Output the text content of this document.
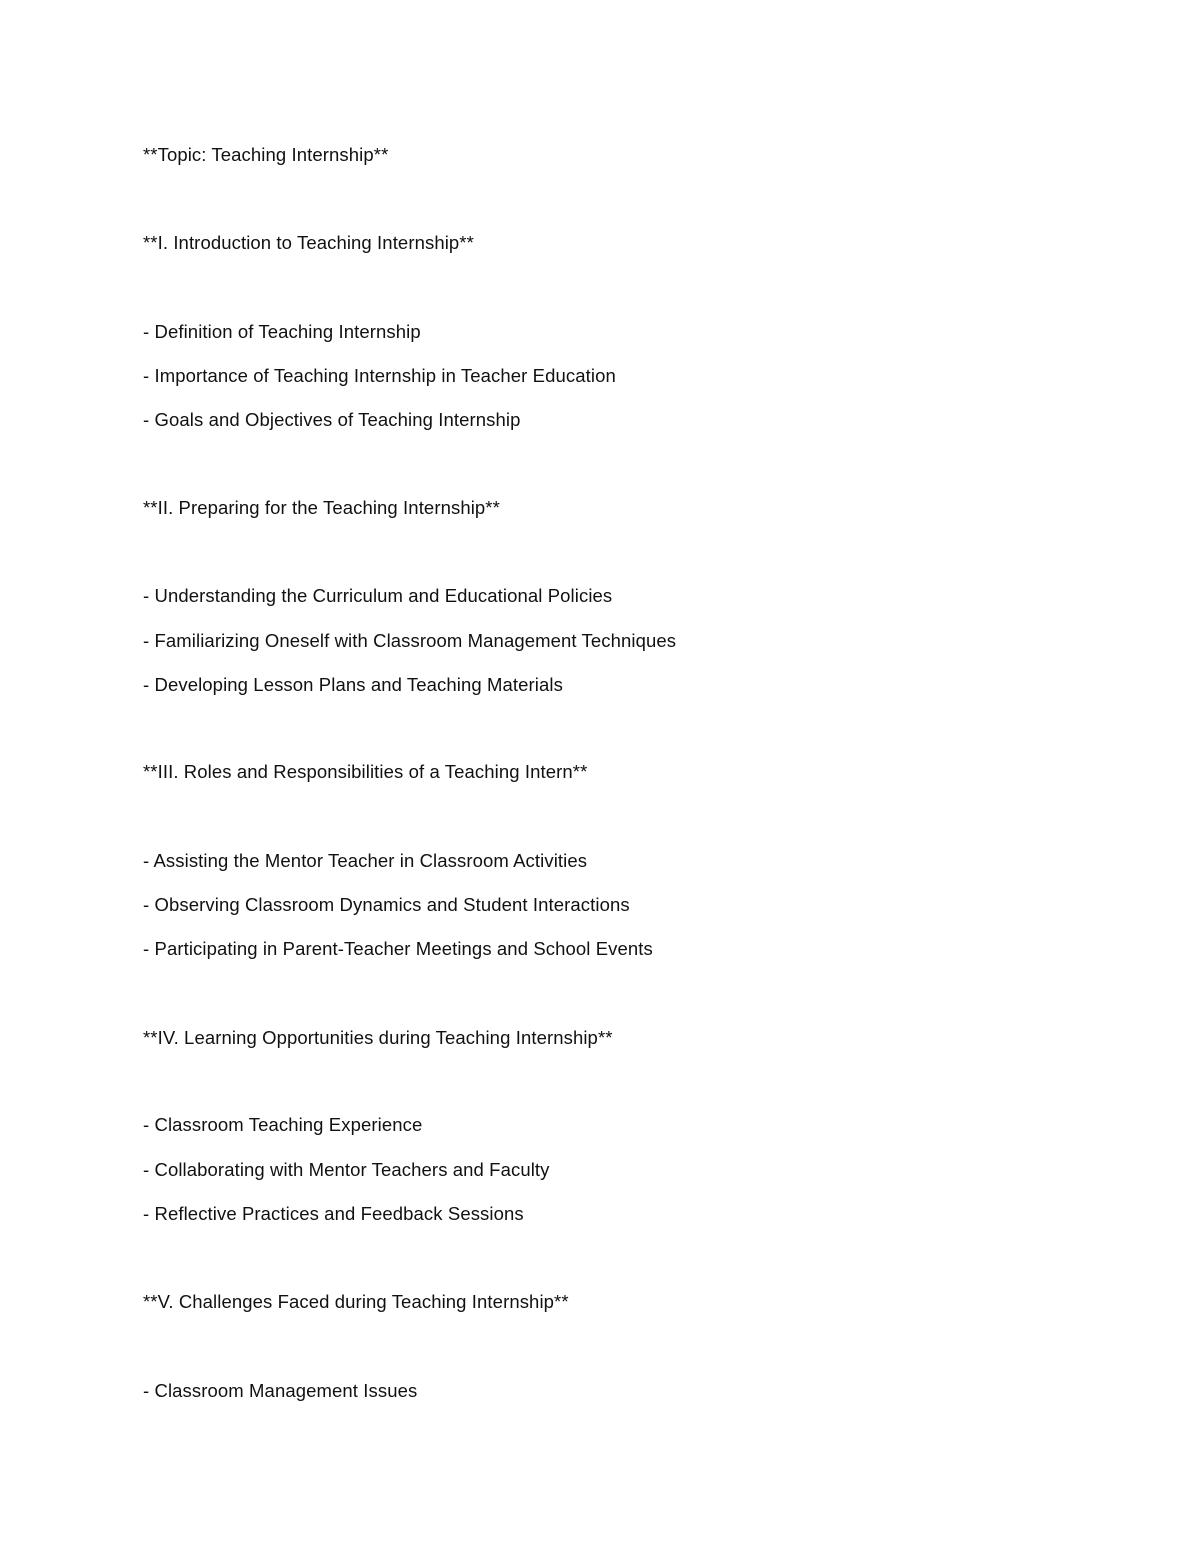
**Topic: Teaching Internship**
**I. Introduction to Teaching Internship**
- Definition of Teaching Internship
- Importance of Teaching Internship in Teacher Education
- Goals and Objectives of Teaching Internship
**II. Preparing for the Teaching Internship**
- Understanding the Curriculum and Educational Policies
- Familiarizing Oneself with Classroom Management Techniques
- Developing Lesson Plans and Teaching Materials
**III. Roles and Responsibilities of a Teaching Intern**
- Assisting the Mentor Teacher in Classroom Activities
- Observing Classroom Dynamics and Student Interactions
- Participating in Parent-Teacher Meetings and School Events
**IV. Learning Opportunities during Teaching Internship**
- Classroom Teaching Experience
- Collaborating with Mentor Teachers and Faculty
- Reflective Practices and Feedback Sessions
**V. Challenges Faced during Teaching Internship**
- Classroom Management Issues
